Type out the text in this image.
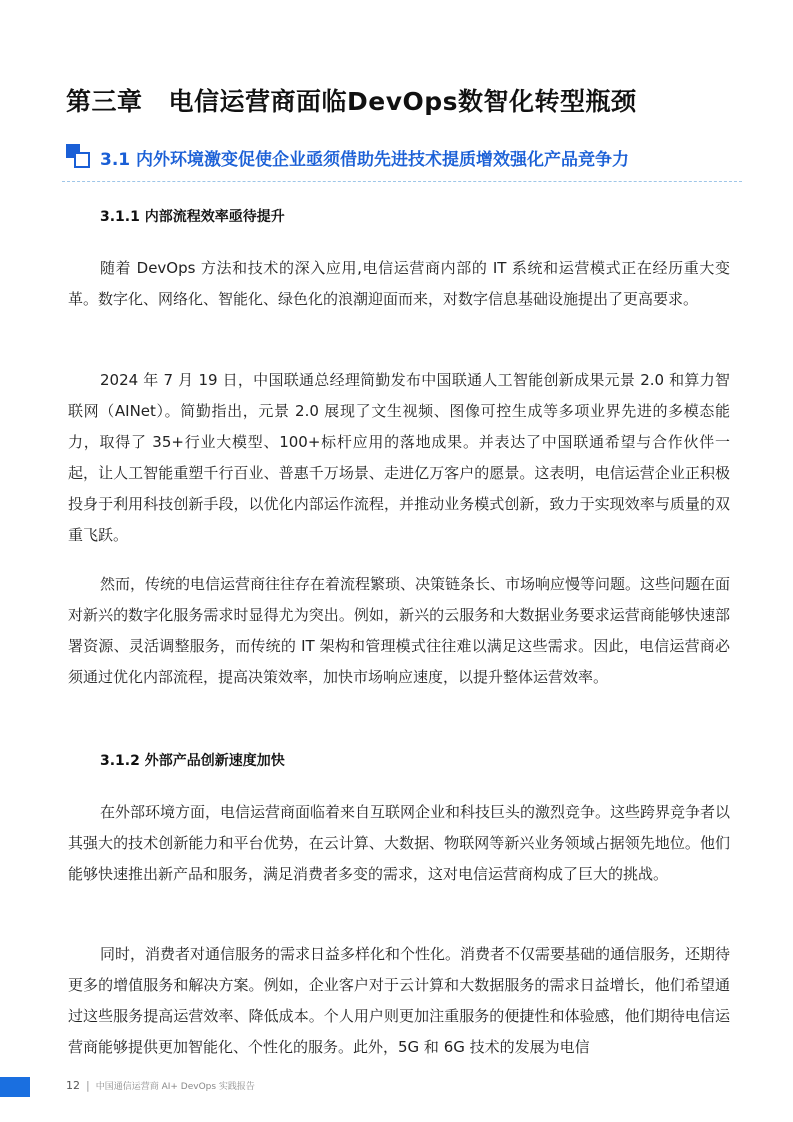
第三章 电信运营商面临DevOps数智化转型瓶颈
3.1 内外环境激变促使企业亟须借助先进技术提质增效强化产品竞争力
3.1.1 内部流程效率亟待提升

随着 DevOps 方法和技术的深入应用,电信运营商内部的 IT 系统和运营模式正在经历重大变革。数字化、网络化、智能化、绿色化的浪潮迎面而来，对数字信息基础设施提出了更高要求。

2024 年 7 月 19 日，中国联通总经理简勤发布中国联通人工智能创新成果元景 2.0 和算力智联网（AINet）。简勤指出，元景 2.0 展现了文生视频、图像可控生成等多项业界先进的多模态能力，取得了 35+行业大模型、100+标杆应用的落地成果。并表达了中国联通希望与合作伙伴一起，让人工智能重塑千行百业、普惠千万场景、走进亿万客户的愿景。这表明，电信运营企业正积极投身于利用科技创新手段，以优化内部运作流程，并推动业务模式创新，致力于实现效率与质量的双重飞跃。

然而，传统的电信运营商往往存在着流程繁琐、决策链条长、市场响应慢等问题。这些问题在面对新兴的数字化服务需求时显得尤为突出。例如，新兴的云服务和大数据业务要求运营商能够快速部署资源、灵活调整服务，而传统的 IT 架构和管理模式往往难以满足这些需求。因此，电信运营商必须通过优化内部流程，提高决策效率，加快市场响应速度，以提升整体运营效率。

3.1.2 外部产品创新速度加快

在外部环境方面，电信运营商面临着来自互联网企业和科技巨头的激烈竞争。这些跨界竞争者以其强大的技术创新能力和平台优势，在云计算、大数据、物联网等新兴业务领域占据领先地位。他们能够快速推出新产品和服务，满足消费者多变的需求，这对电信运营商构成了巨大的挑战。

同时，消费者对通信服务的需求日益多样化和个性化。消费者不仅需要基础的通信服务，还期待更多的增值服务和解决方案。例如，企业客户对于云计算和大数据服务的需求日益增长，他们希望通过这些服务提高运营效率、降低成本。个人用户则更加注重服务的便捷性和体验感，他们期待电信运营商能够提供更加智能化、个性化的服务。此外，5G 和 6G 技术的发展为电信

12 | 中国通信运营商 AI+ DevOps 实践报告
